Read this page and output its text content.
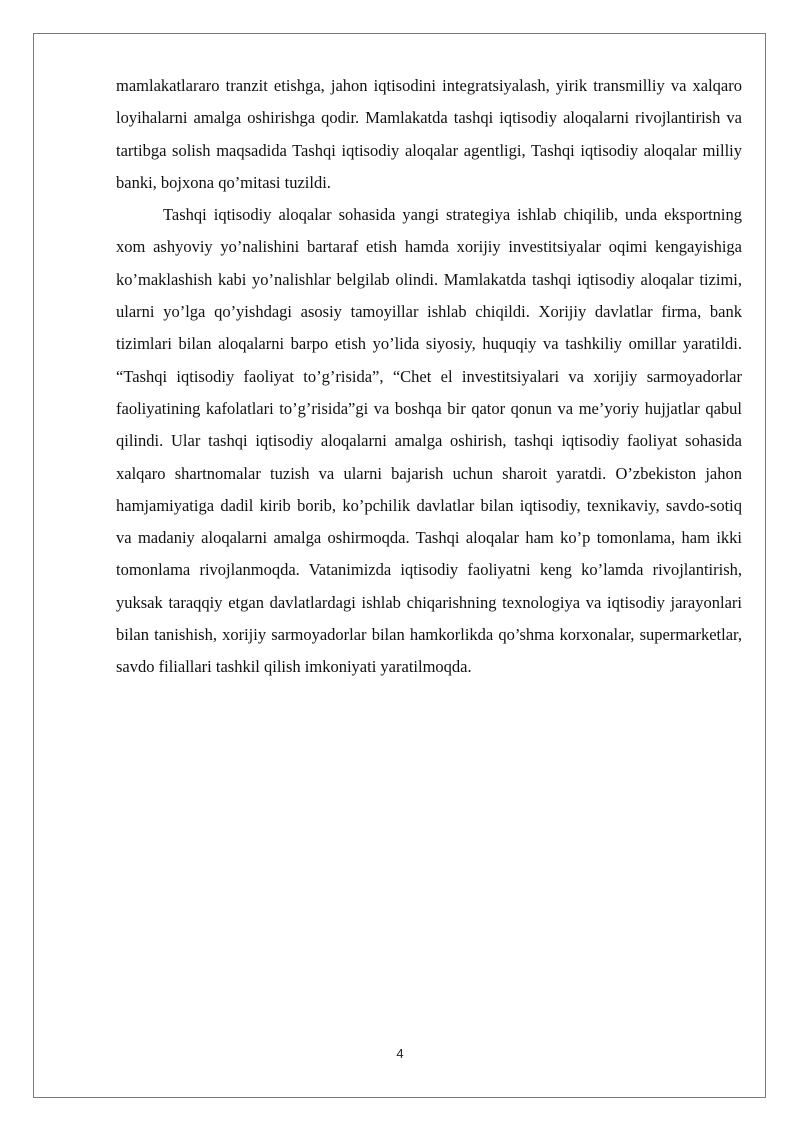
mamlakatlararo tranzit etishga, jahon iqtisodini integratsiyalash, yirik transmilliy va xalqaro loyihalarni amalga oshirishga qodir. Mamlakatda tashqi iqtisodiy aloqalarni rivojlantirish va tartibga solish maqsadida Tashqi iqtisodiy aloqalar agentligi, Tashqi iqtisodiy aloqalar milliy banki, bojxona qo’mitasi tuzildi.

Tashqi iqtisodiy aloqalar sohasida yangi strategiya ishlab chiqilib, unda eksportning xom ashyoviy yo’nalishini bartaraf etish hamda xorijiy investitsiyalar oqimi kengayishiga ko’maklashish kabi yo’nalishlar belgilab olindi. Mamlakatda tashqi iqtisodiy aloqalar tizimi, ularni yo’lga qo’yishdagi asosiy tamoyillar ishlab chiqildi. Xorijiy davlatlar firma, bank tizimlari bilan aloqalarni barpo etish yo’lida siyosiy, huquqiy va tashkiliy omillar yaratildi. “Tashqi iqtisodiy faoliyat to’g’risida”, “Chet el investitsiyalari va xorijiy sarmoyadorlar faoliyatining kafolatlari to’g’risida”gi va boshqa bir qator qonun va me’yoriy hujjatlar qabul qilindi. Ular tashqi iqtisodiy aloqalarni amalga oshirish, tashqi iqtisodiy faoliyat sohasida xalqaro shartnomalar tuzish va ularni bajarish uchun sharoit yaratdi. O’zbekiston jahon hamjamiyatiga dadil kirib borib, ko’pchilik davlatlar bilan iqtisodiy, texnikaviy, savdo-sotiq va madaniy aloqalarni amalga oshirmoqda. Tashqi aloqalar ham ko’p tomonlama, ham ikki tomonlama rivojlanmoqda. Vatanimizda iqtisodiy faoliyatni keng ko’lamda rivojlantirish, yuksak taraqqiy etgan davlatlardagi ishlab chiqarishning texnologiya va iqtisodiy jarayonlari bilan tanishish, xorijiy sarmoyadorlar bilan hamkorlikda qo’shma korxonalar, supermarketlar, savdo filiallari tashkil qilish imkoniyati yaratilmoqda.

4
